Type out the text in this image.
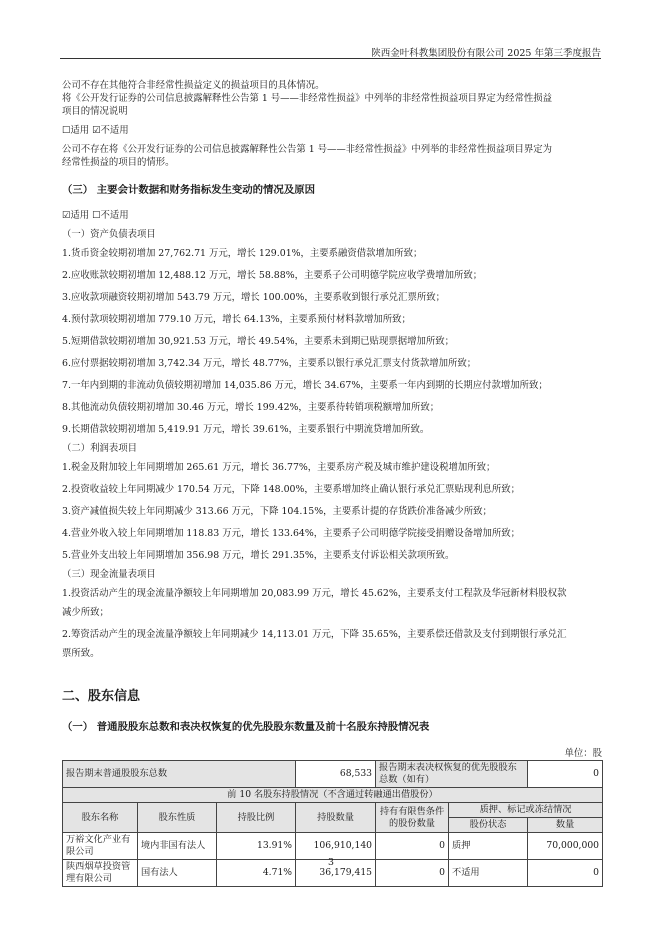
陕西金叶科教集团股份有限公司 2025 年第三季度报告

公司不存在其他符合非经常性损益定义的损益项目的具体情况。

将《公开发行证券的公司信息披露解释性公告第 1 号——非经常性损益》中列举的非经常性损益项目界定为经常性损益

项目的情况说明

☐适用 ☑不适用

公司不存在将《公开发行证券的公司信息披露解释性公告第 1 号——非经常性损益》中列举的非经常性损益项目界定为

经常性损益的项目的情形。

（三） 主要会计数据和财务指标发生变动的情况及原因

☑适用 ☐不适用

（一）资产负债表项目

1.货币资金较期初增加 27,762.71 万元，增长 129.01%，主要系融资借款增加所致；

2.应收账款较期初增加 12,488.12 万元，增长 58.88%，主要系子公司明德学院应收学费增加所致；

3.应收款项融资较期初增加 543.79 万元，增长 100.00%，主要系收到银行承兑汇票所致；

4.预付款项较期初增加 779.10 万元，增长 64.13%，主要系预付材料款增加所致；

5.短期借款较期初增加 30,921.53 万元，增长 49.54%，主要系未到期已贴现票据增加所致；

6.应付票据较期初增加 3,742.34 万元，增长 48.77%，主要系以银行承兑汇票支付货款增加所致；

7.一年内到期的非流动负债较期初增加 14,035.86 万元，增长 34.67%，主要系一年内到期的长期应付款增加所致；

8.其他流动负债较期初增加 30.46 万元，增长 199.42%，主要系待转销项税额增加所致；

9.长期借款较期初增加 5,419.91 万元，增长 39.61%，主要系银行中期流贷增加所致。

（二）利润表项目

1.税金及附加较上年同期增加 265.61 万元，增长 36.77%，主要系房产税及城市维护建设税增加所致；

2.投资收益较上年同期减少 170.54 万元，下降 148.00%，主要系增加终止确认银行承兑汇票贴现利息所致；

3.资产减值损失较上年同期减少 313.66 万元，下降 104.15%，主要系计提的存货跌价准备减少所致；

4.营业外收入较上年同期增加 118.83 万元，增长 133.64%，主要系子公司明德学院接受捐赠设备增加所致；

5.营业外支出较上年同期增加 356.98 万元，增长 291.35%，主要系支付诉讼相关款项所致。

（三）现金流量表项目

1.投资活动产生的现金流量净额较上年同期增加 20,083.99 万元，增长 45.62%，主要系支付工程款及华冠新材料股权款

减少所致；

2.筹资活动产生的现金流量净额较上年同期减少 14,113.01 万元，下降 35.65%，主要系偿还借款及支付到期银行承兑汇

票所致。

二、股东信息
（一） 普通股股东总数和表决权恢复的优先股股东数量及前十名股东持股情况表
单位：股
报告期末普通股股东总数			68,533	报告期末表决权恢复的优先股股东总数（如有）		0
前 10 名股东持股情况（不含通过转融通出借股份）						
股东名称	股东性质	持股比例	持股数量	持有有限售条件的股份数量	质押、标记或冻结情况	
					股份状态	数量
万裕文化产业有限公司	境内非国有法人	13.91%	106,910,140	0	质押	70,000,000
陕西烟草投资管理有限公司	国有法人	4.71%	36,179,415	0	不适用	0
3
